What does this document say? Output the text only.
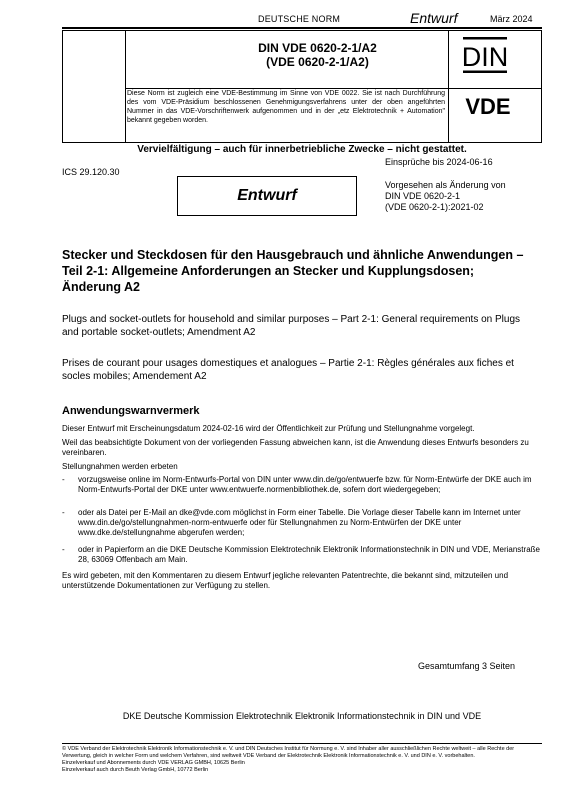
DEUTSCHE NORM	Entwurf	März 2024
DIN VDE 0620-2-1/A2
(VDE 0620-2-1/A2)	DIN
VDE
Diese Norm ist zugleich eine VDE-Bestimmung im Sinne von VDE 0022. Sie ist nach Durchführung des vom VDE-Präsidium beschlossenen Genehmigungsverfahrens unter der oben angeführten Nummer in das VDE-Vorschriftenwerk aufgenommen und in der „etz Elektrotechnik + Automation" bekannt gegeben worden.
Vervielfältigung – auch für innerbetriebliche Zwecke – nicht gestattet.
Einsprüche bis 2024-06-16
ICS 29.120.30
Entwurf
Vorgesehen als Änderung von
DIN VDE 0620-2-1
(VDE 0620-2-1):2021-02
Stecker und Steckdosen für den Hausgebrauch und ähnliche Anwendungen – Teil 2-1: Allgemeine Anforderungen an Stecker und Kupplungsdosen; Änderung A2
Plugs and socket-outlets for household and similar purposes – Part 2-1: General requirements on Plugs and portable socket-outlets; Amendment A2
Prises de courant pour usages domestiques et analogues – Partie 2-1: Règles générales aux fiches et socles mobiles; Amendement A2
Anwendungswarnvermerk
Dieser Entwurf mit Erscheinungsdatum 2024-02-16 wird der Öffentlichkeit zur Prüfung und Stellungnahme vorgelegt.
Weil das beabsichtigte Dokument von der vorliegenden Fassung abweichen kann, ist die Anwendung dieses Entwurfs besonders zu vereinbaren.
Stellungnahmen werden erbeten
-	vorzugsweise online im Norm-Entwurfs-Portal von DIN unter www.din.de/go/entwuerfe bzw. für Norm-Entwürfe der DKE auch im Norm-Entwurfs-Portal der DKE unter www.entwuerfe.normenbibliothek.de, sofern dort wiedergegeben;
-	oder als Datei per E-Mail an dke@vde.com möglichst in Form einer Tabelle. Die Vorlage dieser Tabelle kann im Internet unter www.din.de/go/stellungnahmen-norm-entwuerfe oder für Stellungnahmen zu Norm-Entwürfen der DKE unter www.dke.de/stellungnahme abgerufen werden;
-	oder in Papierform an die DKE Deutsche Kommission Elektrotechnik Elektronik Informationstechnik in DIN und VDE, Merianstraße 28, 63069 Offenbach am Main.
Es wird gebeten, mit den Kommentaren zu diesem Entwurf jegliche relevanten Patentrechte, die bekannt sind, mitzuteilen und unterstützende Dokumentationen zur Verfügung zu stellen.
Gesamtumfang 3 Seiten
DKE Deutsche Kommission Elektrotechnik Elektronik Informationstechnik in DIN und VDE
© VDE Verband der Elektrotechnik Elektronik Informationstechnik e. V. und DIN Deutsches Institut für Normung e. V. sind Inhaber aller ausschließlichen Rechte weltweit – alle Rechte der Verwertung, gleich in welcher Form und welchem Verfahren, sind weltweit VDE Verband der Elektrotechnik Elektronik Informationstechnik e. V. und DIN e. V. vorbehalten.
Einzelverkauf und Abonnements durch VDE VERLAG GMBH, 10625 Berlin
Einzelverkauf auch durch Beuth Verlag GmbH, 10772 Berlin
